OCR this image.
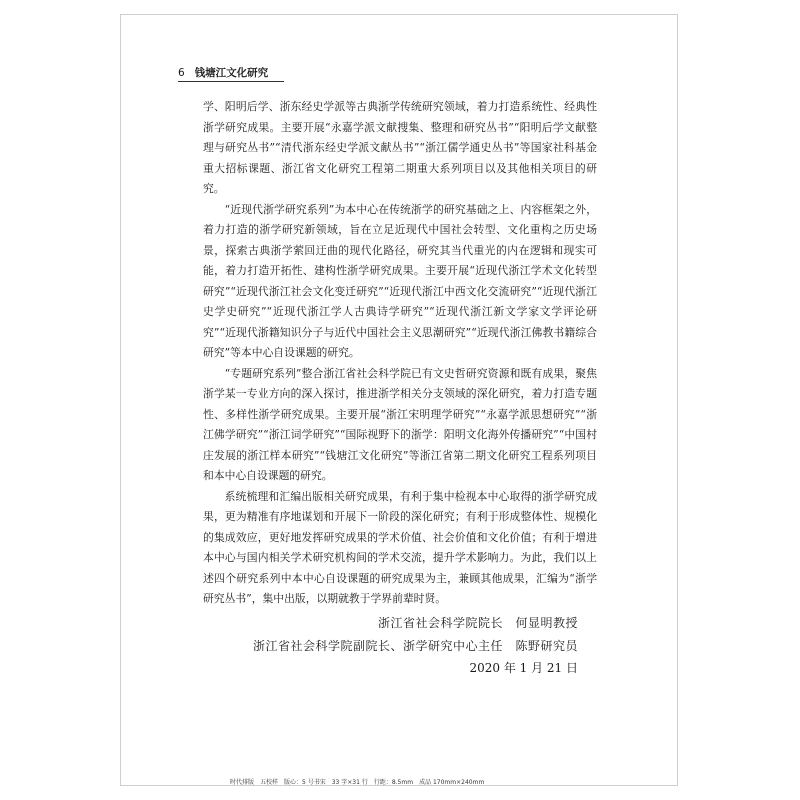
6 钱塘江文化研究

学、阳明后学、浙东经史学派等古典浙学传统研究领域，着力打造系统性、经典性浙学研究成果。主要开展“永嘉学派文献搜集、整理和研究丛书”“阳明后学文献整理与研究丛书”“清代浙东经史学派文献丛书”“浙江儒学通史丛书”等国家社科基金重大招标课题、浙江省文化研究工程第二期重大系列项目以及其他相关项目的研究。

“近现代浙学研究系列”为本中心在传统浙学的研究基础之上、内容框架之外，着力打造的浙学研究新领域，旨在立足近现代中国社会转型、文化重构之历史场景，探索古典浙学萦回迂曲的现代化路径，研究其当代重光的内在逻辑和现实可能，着力打造开拓性、建构性浙学研究成果。主要开展“近现代浙江学术文化转型研究”“近现代浙江社会文化变迁研究”“近现代浙江中西文化交流研究”“近现代浙江史学史研究”“近现代浙江学人古典诗学研究”“近现代浙江新文学家文学评论研究”“近现代浙籍知识分子与近代中国社会主义思潮研究”“近现代浙江佛教书籍综合研究”等本中心自设课题的研究。

“专题研究系列”整合浙江省社会科学院已有文史哲研究资源和既有成果，聚焦浙学某一专业方向的深入探讨，推进浙学相关分支领域的深化研究，着力打造专题性、多样性浙学研究成果。主要开展“浙江宋明理学研究”“永嘉学派思想研究”“浙江佛学研究”“浙江词学研究”“国际视野下的浙学：阳明文化海外传播研究”“中国村庄发展的浙江样本研究”“钱塘江文化研究”等浙江省第二期文化研究工程系列项目和本中心自设课题的研究。

系统梳理和汇编出版相关研究成果，有利于集中检视本中心取得的浙学研究成果，更为精准有序地谋划和开展下一阶段的深化研究；有利于形成整体性、规模化的集成效应，更好地发挥研究成果的学术价值、社会价值和文化价值；有利于增进本中心与国内相关学术研究机构间的学术交流，提升学术影响力。为此，我们以上述四个研究系列中本中心自设课题的研究成果为主，兼顾其他成果，汇编为“浙学研究丛书”，集中出版，以期就教于学界前辈时贤。

浙江省社会科学院院长　何显明教授
浙江省社会科学院副院长、浙学研究中心主任　陈野研究员
2020 年 1 月 21 日
时代排版　五校样　版心：5 号书宋　33 字×31 行　行距：8.5mm　成品 170mm×240mm
